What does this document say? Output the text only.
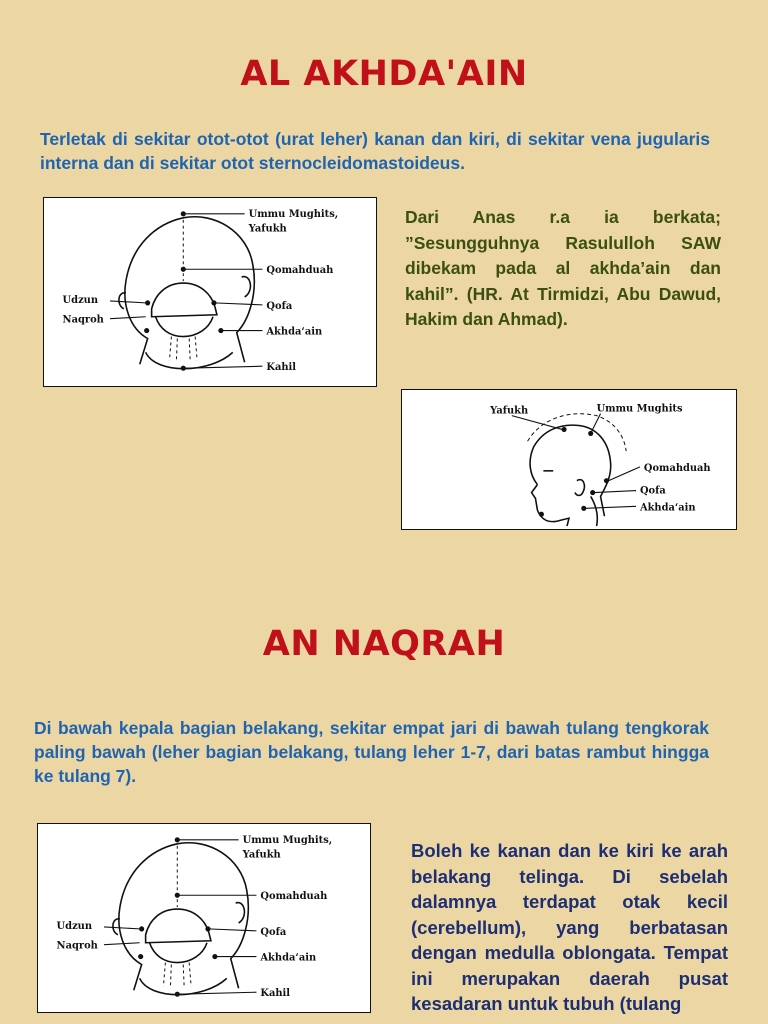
AL AKHDA'AIN
Terletak di sekitar otot-otot (urat leher) kanan dan kiri, di sekitar vena jugularis interna dan di sekitar otot sternocleidomastoideus.
Ummu Mughits,
Yafukh
Qomahduah
Udzun
Naqroh
Qofa
Akhda‘ain
Kahil
Dari Anas r.a ia berkata; ”Sesungguhnya Rasululloh SAW dibekam pada al akhda’ain dan kahil”. (HR. At Tirmidzi, Abu Dawud, Hakim dan Ahmad).
Yafukh	Ummu Mughits
Qomahduah
Qofa
Akhda‘ain
AN NAQRAH
Di bawah kepala bagian belakang, sekitar empat jari di bawah tulang tengkorak paling bawah (leher bagian belakang, tulang leher 1-7, dari batas rambut hingga ke tulang 7).
Ummu Mughits,
Yafukh
Qomahduah
Udzun
Naqroh
Qofa
Akhda‘ain
Kahil
Boleh ke kanan dan ke kiri ke arah belakang telinga. Di sebelah dalamnya terdapat otak kecil (cerebellum), yang berbatasan dengan medulla oblongata. Tempat ini merupakan daerah pusat kesadaran untuk tubuh (tulang
